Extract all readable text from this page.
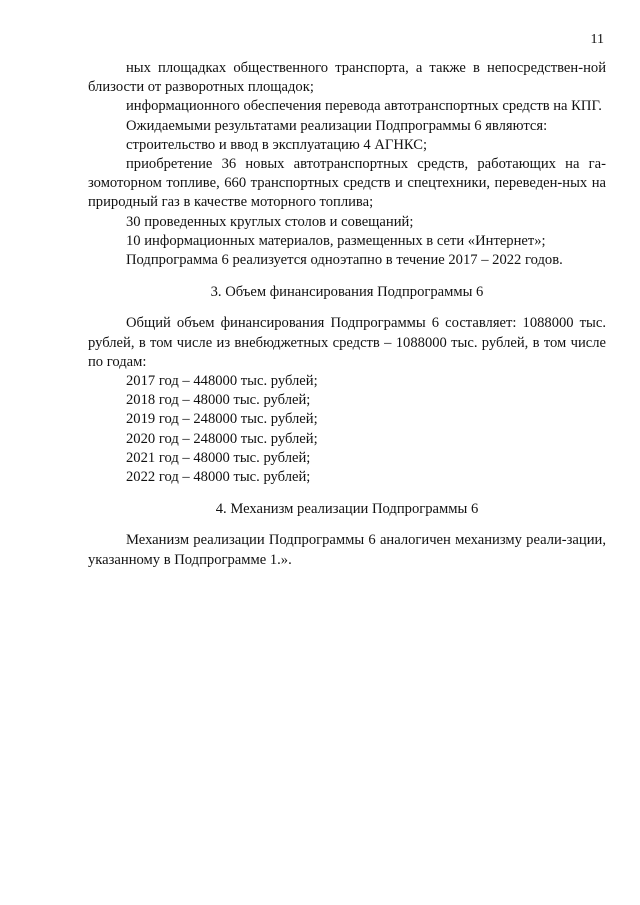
11

ных площадках общественного транспорта, а также в непосредствен-ной близости от разворотных площадок;

информационного обеспечения перевода автотранспортных средств на КПГ.

Ожидаемыми результатами реализации Подпрограммы 6 являются:

строительство и ввод в эксплуатацию 4 АГНКС;

приобретение 36 новых автотранспортных средств, работающих на га-зомоторном топливе, 660 транспортных средств и спецтехники, переведен-ных на природный газ в качестве моторного топлива;

30 проведенных круглых столов и совещаний;

10 информационных материалов, размещенных в сети «Интернет»;

Подпрограмма 6 реализуется одноэтапно в течение 2017 – 2022 годов.

3. Объем финансирования Подпрограммы 6

Общий объем финансирования Подпрограммы 6 составляет: 1088000 тыс. рублей, в том числе из внебюджетных средств – 1088000 тыс. рублей, в том числе по годам:

2017 год – 448000 тыс. рублей;

2018 год – 48000 тыс. рублей;

2019 год – 248000 тыс. рублей;

2020 год – 248000 тыс. рублей;

2021 год – 48000 тыс. рублей;

2022 год – 48000 тыс. рублей;

4. Механизм реализации Подпрограммы 6

Механизм реализации Подпрограммы 6 аналогичен механизму реали-зации, указанному в Подпрограмме 1.».
